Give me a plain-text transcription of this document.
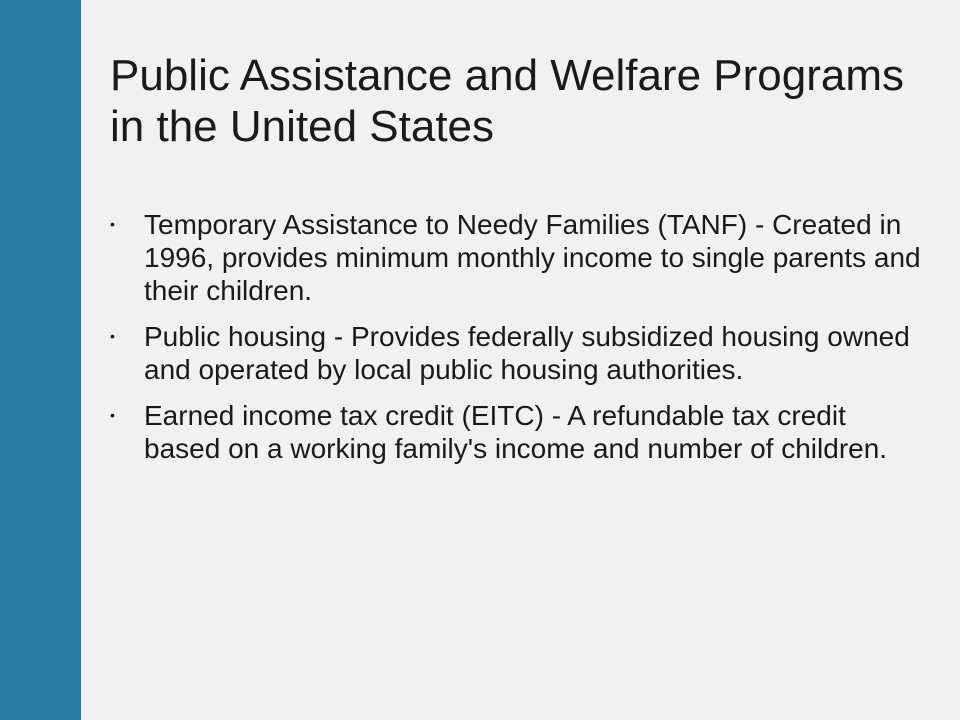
Public Assistance and Welfare Programs in the United States
• Temporary Assistance to Needy Families (TANF) - Created in 1996, provides minimum monthly income to single parents and their children.
• Public housing - Provides federally subsidized housing owned and operated by local public housing authorities.
• Earned income tax credit (EITC) - A refundable tax credit based on a working family's income and number of children.
